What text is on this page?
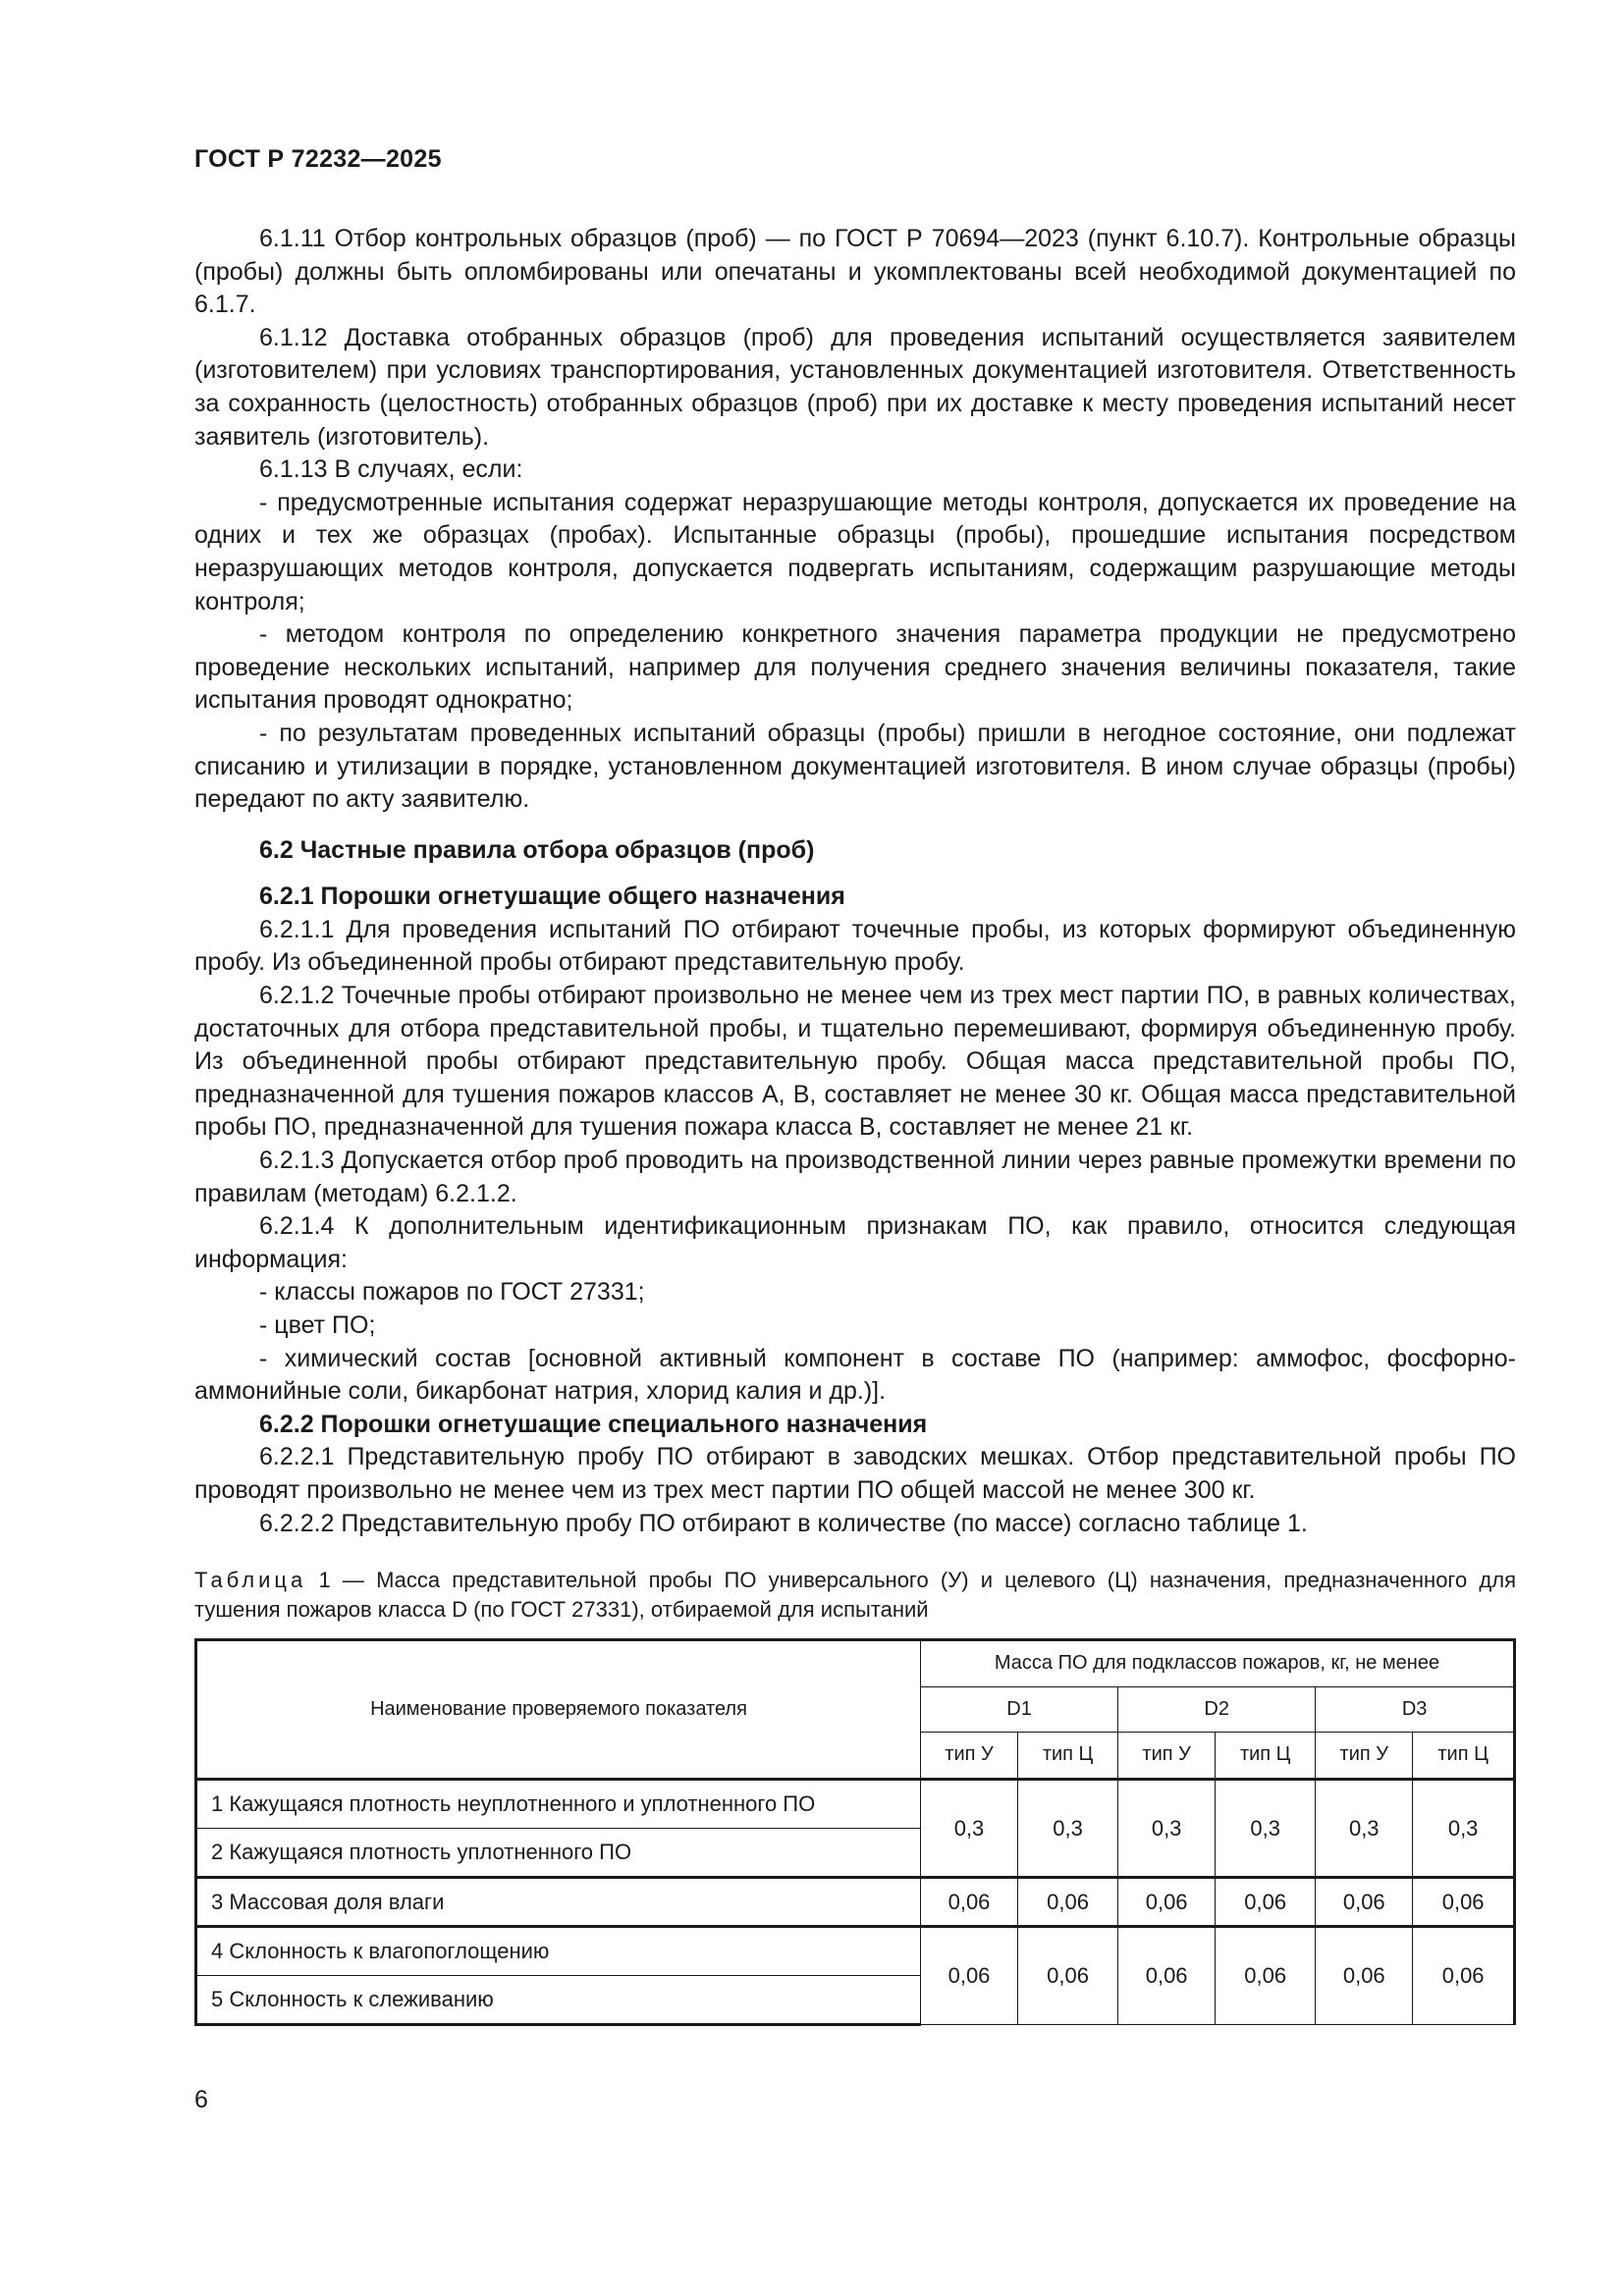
ГОСТ Р 72232—2025

6.1.11 Отбор контрольных образцов (проб) — по ГОСТ Р 70694—2023 (пункт 6.10.7). Контрольные образцы (пробы) должны быть опломбированы или опечатаны и укомплектованы всей необходимой документацией по 6.1.7.

6.1.12 Доставка отобранных образцов (проб) для проведения испытаний осуществляется заявителем (изготовителем) при условиях транспортирования, установленных документацией изготовителя. Ответственность за сохранность (целостность) отобранных образцов (проб) при их доставке к месту проведения испытаний несет заявитель (изготовитель).

6.1.13 В случаях, если:

- предусмотренные испытания содержат неразрушающие методы контроля, допускается их проведение на одних и тех же образцах (пробах). Испытанные образцы (пробы), прошедшие испытания посредством неразрушающих методов контроля, допускается подвергать испытаниям, содержащим разрушающие методы контроля;

- методом контроля по определению конкретного значения параметра продукции не предусмотрено проведение нескольких испытаний, например для получения среднего значения величины показателя, такие испытания проводят однократно;

- по результатам проведенных испытаний образцы (пробы) пришли в негодное состояние, они подлежат списанию и утилизации в порядке, установленном документацией изготовителя. В ином случае образцы (пробы) передают по акту заявителю.

6.2 Частные правила отбора образцов (проб)

6.2.1 Порошки огнетушащие общего назначения

6.2.1.1 Для проведения испытаний ПО отбирают точечные пробы, из которых формируют объединенную пробу. Из объединенной пробы отбирают представительную пробу.

6.2.1.2 Точечные пробы отбирают произвольно не менее чем из трех мест партии ПО, в равных количествах, достаточных для отбора представительной пробы, и тщательно перемешивают, формируя объединенную пробу. Из объединенной пробы отбирают представительную пробу. Общая масса представительной пробы ПО, предназначенной для тушения пожаров классов А, В, составляет не менее 30 кг. Общая масса представительной пробы ПО, предназначенной для тушения пожара класса В, составляет не менее 21 кг.

6.2.1.3 Допускается отбор проб проводить на производственной линии через равные промежутки времени по правилам (методам) 6.2.1.2.

6.2.1.4 К дополнительным идентификационным признакам ПО, как правило, относится следующая информация:

- классы пожаров по ГОСТ 27331;

- цвет ПО;

- химический состав [основной активный компонент в составе ПО (например: аммофос, фосфорно-аммонийные соли, бикарбонат натрия, хлорид калия и др.)].

6.2.2 Порошки огнетушащие специального назначения

6.2.2.1 Представительную пробу ПО отбирают в заводских мешках. Отбор представительной пробы ПО проводят произвольно не менее чем из трех мест партии ПО общей массой не менее 300 кг.

6.2.2.2 Представительную пробу ПО отбирают в количестве (по массе) согласно таблице 1.

Таблица 1 — Масса представительной пробы ПО универсального (У) и целевого (Ц) назначения, предназначенного для тушения пожаров класса D (по ГОСТ 27331), отбираемой для испытаний
Наименование проверяемого показателя	Масса ПО для подклассов пожаров, кг, не менее					
	D1		D2		D3	
	тип У	тип Ц	тип У	тип Ц	тип У	тип Ц
1 Кажущаяся плотность неуплотненного и уплотненного ПО	0,3	0,3	0,3	0,3	0,3	0,3
2 Кажущаяся плотность уплотненного ПО						
3 Массовая доля влаги	0,06	0,06	0,06	0,06	0,06	0,06
4 Склонность к влагопоглощению	0,06	0,06	0,06	0,06	0,06	0,06
5 Склонность к слеживанию						
6
